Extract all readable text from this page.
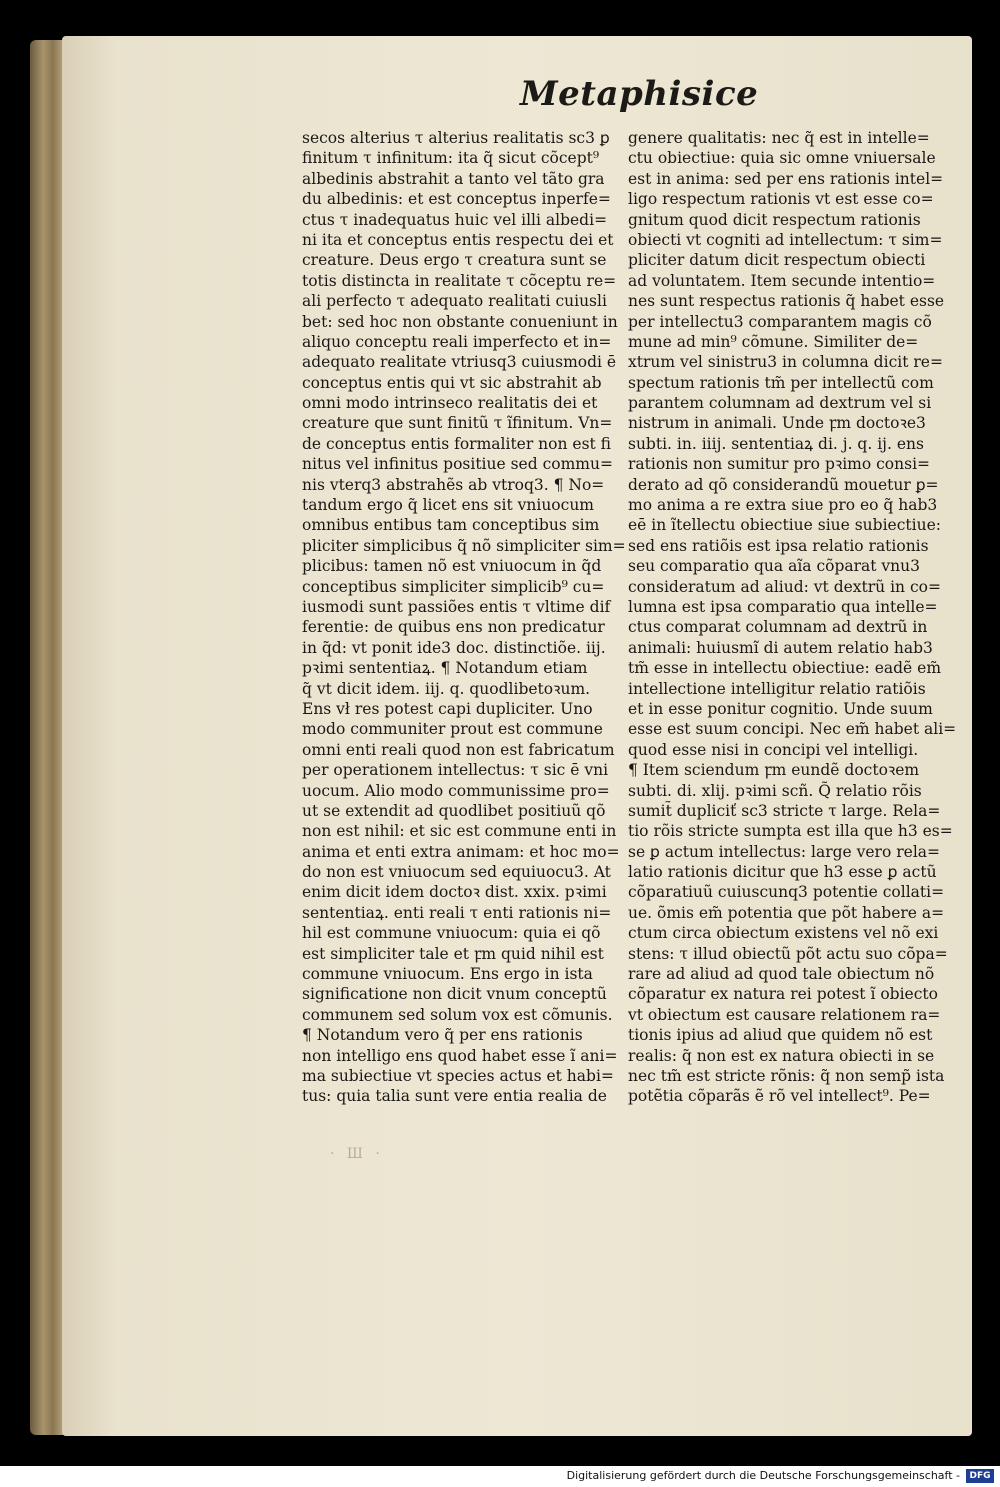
Metaphisice
secos alterius τ alterius realitatis sc3 ꝑ
finitum τ infinitum: ita q̃ sicut cõcept⁹
albedinis abstrahit a tanto vel tãto gra
du albedinis: et est conceptus inperfe=
ctus τ inadequatus huic vel illi albedi=
ni ita et conceptus entis respectu dei et
creature. Deus ergo τ creatura sunt se
totis distincta in realitate τ cõceptu re=
ali perfecto τ adequato realitati cuiusli
bet: sed hoc non obstante conueniunt in
aliquo conceptu reali imperfecto et in=
adequato realitate vtriusq3 cuiusmodi ē
conceptus entis qui vt sic abstrahit ab
omni modo intrinseco realitatis dei et
creature que sunt finitũ τ ĩfinitum. Vn=
de conceptus entis formaliter non est fi
nitus vel infinitus positiue sed commu=
nis vterq3 abstrahẽs ab vtroq3. ¶ No=
tandum ergo q̃ licet ens sit vniuocum
omnibus entibus tam conceptibus sim
pliciter simplicibus q̃ nõ simpliciter sim=
plicibus: tamen nõ est vniuocum in q̃d
conceptibus simpliciter simplicib⁹ cu=
iusmodi sunt passiões entis τ vltime dif
ferentie: de quibus ens non predicatur
in q̃d: vt ponit ide3 doc. distinctiõe. iij.
pꝛimi sententiaꝝ. ¶ Notandum etiam
q̃ vt dicit idem. iij. q. quodlibetoꝛum.
Ens vł res potest capi dupliciter. Uno
modo communiter prout est commune
omni enti reali quod non est fabricatum
per operationem intellectus: τ sic ē vni
uocum. Alio modo communissime pro=
ut se extendit ad quodlibet positiuũ qõ
non est nihil: et sic est commune enti in
anima et enti extra animam: et hoc mo=
do non est vniuocum sed equiuocu3. At
enim dicit idem doctoꝛ dist. xxix. pꝛimi
sententiaꝝ. enti reali τ enti rationis ni=
hil est commune vniuocum: quia ei qõ
est simpliciter tale et ꝼm quid nihil est
commune vniuocum. Ens ergo in ista
significatione non dicit vnum conceptũ
communem sed solum vox est cõmunis.
¶ Notandum vero q̃ per ens rationis
non intelligo ens quod habet esse ĩ ani=
ma subiectiue vt species actus et habi=
tus: quia talia sunt vere entia realia de
genere qualitatis: nec q̃ est in intelle=
ctu obiectiue: quia sic omne vniuersale
est in anima: sed per ens rationis intel=
ligo respectum rationis vt est esse co=
gnitum quod dicit respectum rationis
obiecti vt cogniti ad intellectum: τ sim=
pliciter datum dicit respectum obiecti
ad voluntatem. Item secunde intentio=
nes sunt respectus rationis q̃ habet esse
per intellectu3 comparantem magis cõ
mune ad min⁹ cõmune. Similiter de=
xtrum vel sinistru3 in columna dicit re=
spectum rationis tm̃ per intellectũ com
parantem columnam ad dextrum vel si
nistrum in animali. Unde ꝼm doctoꝛe3
subti. in. iiij. sententiaꝝ di. j. q. ij. ens
rationis non sumitur pro pꝛimo consi=
derato ad qõ considerandũ mouetur ꝑ=
mo anima a re extra siue pro eo q̃ hab3
eē in ĩtellectu obiectiue siue subiectiue:
sed ens ratiõis est ipsa relatio rationis
seu comparatio qua aĩa cõparat vnu3
consideratum ad aliud: vt dextrũ in co=
lumna est ipsa comparatio qua intelle=
ctus comparat columnam ad dextrũ in
animali: huiusmĩ di autem relatio hab3
tm̃ esse in intellectu obiectiue: eadẽ em̃
intellectione intelligitur relatio ratiõis
et in esse ponitur cognitio. Unde suum
esse est suum concipi. Nec em̃ habet ali=
quod esse nisi in concipi vel intelligi.
¶ Item sciendum ꝼm eundẽ doctoꝛem
subti. di. xlij. pꝛimi scñ. Q̃ relatio rõis
sumit̃ dupliciť sc3 stricte τ large. Rela=
tio rõis stricte sumpta est illa que h3 es=
se ꝑ actum intellectus: large vero rela=
latio rationis dicitur que h3 esse ꝑ actũ
cõparatiuũ cuiuscunq3 potentie collati=
ue. õmis em̃ potentia que põt habere a=
ctum circa obiectum existens vel nõ exi
stens: τ illud obiectũ põt actu suo cõpa=
rare ad aliud ad quod tale obiectum nõ
cõparatur ex natura rei potest ĩ obiecto
vt obiectum est causare relationem ra=
tionis ipius ad aliud que quidem nõ est
realis: q̃ non est ex natura obiecti in se
nec tm̃ est stricte rõnis: q̃ non semp̃ ista
potẽtia cõparãs ẽ rõ vel intellect⁹. Pe=
· Ш ·
Digitalisierung gefördert durch die Deutsche Forschungsgemeinschaft -	DFG
